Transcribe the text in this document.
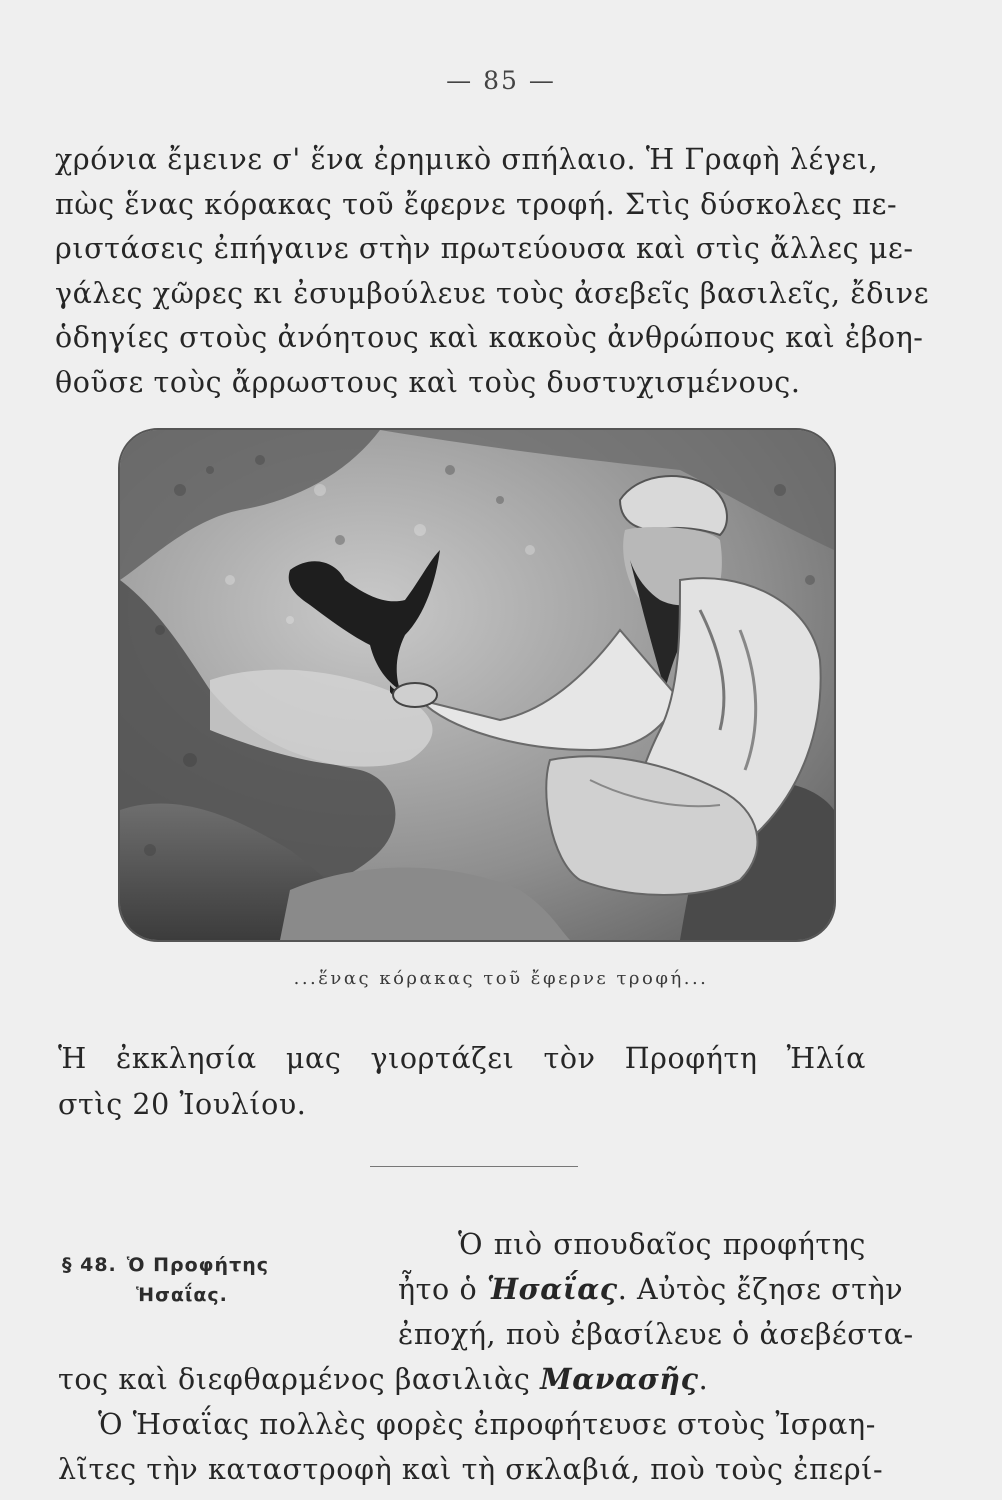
— 85 —
χρόνια ἔμεινε σ' ἕνα ἐρημικὸ σπήλαιο. Ἡ Γραφὴ λέγει,
πὼς ἕνας κόρακας τοῦ ἔφερνε τροφή. Στὶς δύσκολες πε-
ριστάσεις ἐπήγαινε στὴν πρωτεύουσα καὶ στὶς ἄλλες με-
γάλες χῶρες κι ἐσυμβούλευε τοὺς ἀσεβεῖς βασιλεῖς, ἔδινε
ὁδηγίες στοὺς ἀνόητους καὶ κακοὺς ἀνθρώπους καὶ ἐβοη-
θοῦσε τοὺς ἄρρωστους καὶ τοὺς δυστυχισμένους.
...ἕνας κόρακας τοῦ ἔφερνε τροφή...
Ἡ ἐκκλησία μας γιορτάζει τὸν Προφήτη Ἠλία
στὶς 20 Ἰουλίου.
§ 48. Ὁ Προφήτης
Ἡσαΐας.
Ὁ πιὸ σπουδαῖος προφήτης
ἦτο ὁ Ἡσαΐας. Αὐτὸς ἔζησε στὴν
ἐποχή, ποὺ ἐβασίλευε ὁ ἀσεβέστα-
τος καὶ διεφθαρμένος βασιλιὰς Μανασῆς.
Ὁ Ἡσαΐας πολλὲς φορὲς ἐπροφήτευσε στοὺς Ἰσραη-
λῖτες τὴν καταστροφὴ καὶ τὴ σκλαβιά, ποὺ τοὺς ἐπερί-
